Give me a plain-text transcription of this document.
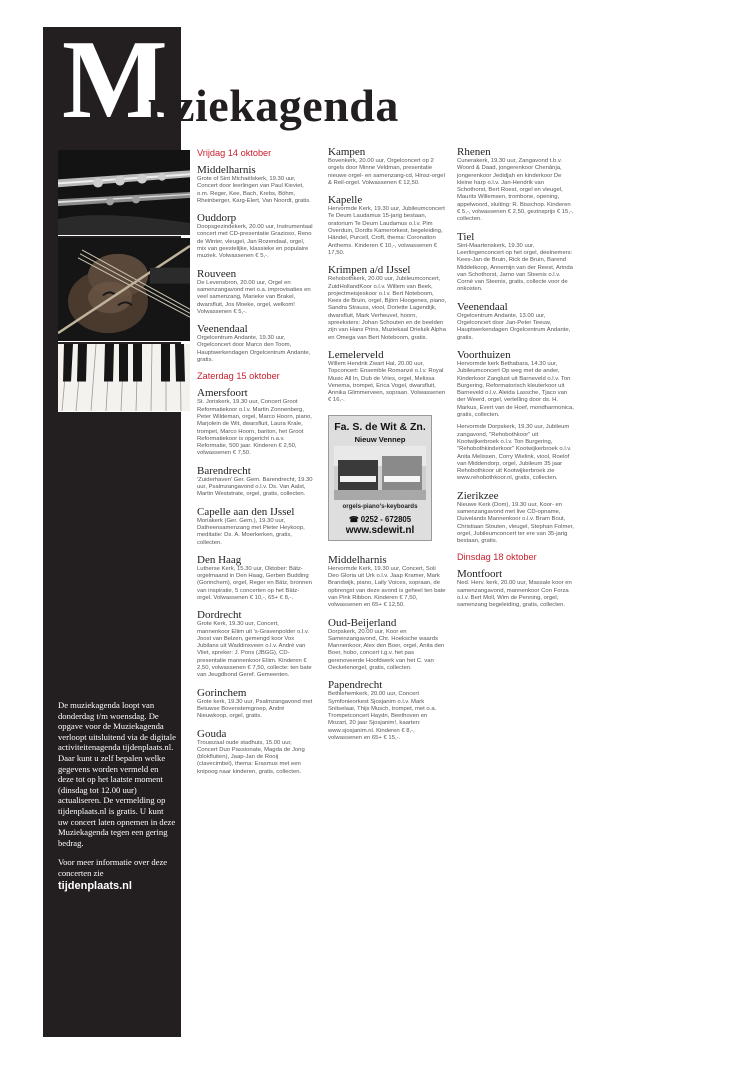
M
uziekagenda
De muziekagenda loopt van donderdag t/m woensdag. De opgave voor de Muziekagenda verloopt uitsluitend via de digitale activiteitenagenda tijdenplaats.nl. Daar kunt u zelf bepalen welke gegevens worden vermeld en deze tot op het laatste moment (dinsdag tot 12.00 uur) actualiseren. De vermelding op tijdenplaats.nl is gratis. U kunt uw concert laten opnemen in deze Muziekagenda tegen een gering bedrag.
Voor meer informatie over deze concerten zie
tijdenplaats.nl
Vrijdag 14 oktober
Middelharnis

Grote of Sint Michaëlskerk, 19.30 uur, Concert door leerlingen van Paul Kieviet, o.m. Reger, Kee, Bach, Krebs, Böhm, Rheinberger, Karg-Elert, Van Noordt, gratis.

Ouddorp

Doopsgezindekerk, 20.00 uur, Instrumentaal concert met CD-presentatie Grazioso, Reno de Winter, vleugel, Jan Rozendaal, orgel, mix van geestelijke, klassieke en populaire muziek. Volwassenen € 5,-.

Rouveen

De Levensbron, 20.00 uur, Orgel en samenzangavond met o.a. improvisaties en veel samenzang, Marieke van Brakel, dwarsfluit, Jos Moeke, orgel, welkom! Volwassenen € 5,-.

Veenendaal

Orgelcentrum Andante, 19.30 uur, Orgelconcert door Marco den Toom, Hauptwerkendagen Orgelcentrum Andante, gratis.

Zaterdag 15 oktober
Amersfoort

St. Joriskerk, 19.30 uur, Concert Groot Reformatiekoor o.l.v. Martin Zonnenberg, Peter Wildeman, orgel, Marco Hoorn, piano, Marjolein de Wit, dwarsfluit, Laura Krale, trompet, Marco Hoorn, bariton, het Groot Reformatiekoor is opgericht n.a.v. Reformatie, 500 jaar. Kinderen € 2,50, volwassenen € 7,50.

Barendrecht

'Zuiderhaven' Ger. Gem. Barendrecht, 19.30 uur, Psalmzangavond o.l.v. Ds. Van Aalst, Martin Weststrate, orgel, gratis, collecten.

Capelle aan den IJssel

Moriakerk (Ger. Gem.), 19.30 uur, Datheensamenzang met Pieter Heykoop, meditatie: Ds. A. Moerkerken, gratis, collecten.

Den Haag

Lutherse Kerk, 15.30 uur, Oktober: Bätz-orgelmaand in Den Haag, Gerben Budding (Gorinchem), orgel, Reger en Bätz, bronnen van inspiratie, 5 concerten op het Bätz-orgel. Volwassenen € 10,-, 65+ € 8,-.

Dordrecht

Grote Kerk, 19.30 uur, Concert, mannenkoor Eliim uit 's-Gravenpolder o.l.v. Joost van Belzen, gemengd koor Vox Jubilans uit Waddinxveen o.l.v. André van Vliet, spreker: J. Pons (JBGG), CD-presentatie mannenkoor Eliim. Kinderen € 2,50, volwassenen € 7,50, collecte: ten bate van Jeugdbond Geref. Gemeenten.

Gorinchem

Grote kerk, 19.30 uur, Psalmzangavond met Betuwse Bovenstemgroep, André Nieuwkoop, orgel, gratis.

Gouda

Trouwzaal oude stadhuis, 15.00 uur, Concert Duo Passionate, Magda de Jong (blokfluiten), Jaap-Jan de Rooij (clavecimbel), thema: Erasmus met een knipoog naar kinderen, gratis, collecten.

Kampen

Bovenkerk, 20.00 uur, Orgelconcert op 2 orgels door Minne Veldman, presentatie nieuwe orgel- en samenzang-cd, Hinsz-orgel & Reil-orgel. Volwassenen € 12,50.

Kapelle

Hervormde Kerk, 19.30 uur, Jubileumconcert Te Deum Laudamus 15-jarig bestaan, oratorium Te Deum Laudamus o.l.v. Pim Overduin, Dordts Kamerorkest, begeleiding, Händel, Purcell, Croft, thema: Coronation Anthems. Kinderen € 10,-, volwassenen € 17,50.

Krimpen a/d IJssel

Rehobothkerk, 20.00 uur, Jubileumconcert, ZuidHollandKoor o.l.v. Willem van Beek, projectmeisjeskoor o.l.v. Bert Noteboom, Kees de Bruin, orgel, Björn Hoogenes, piano, Sandra Strauss, viool, Doriette Lagendijk, dwarsfluit, Mark Verheuvel, hoorn, spreeksters: Johan Schouten en de beelden zijn van Hans Prins, Muziekaal Drieluik Alpha en Omega van Bert Noteboom, gratis.

Lemelerveld

Willem Hendrik Zwart Hal, 20.00 uur, Topconcert: Ensemble Romanzé o.l.v. Royal Music All In, Dub de Vries, orgel, Melissa Venema, trompet, Erica Vogel, dwarsfluit, Annika Glimmerveen, sopraan. Volwassenen € 16,-.

Fa. S. de Wit & Zn.
Nieuw Vennep
orgels-piano's-keyboards
☎ 0252 - 672805
www.sdewit.nl
Middelharnis

Hervormde Kerk, 19.30 uur, Concert, Soli Deo Gloria uit Urk o.l.v. Jaap Kramer, Mark Brandwijk, piano, Laily Voices, sopraan, de opbrengst van deze avond is geheel ten bate van Pink Ribbon. Kinderen € 7,50, volwassenen en 65+ € 12,50.

Oud-Beijerland

Dorpskerk, 20.00 uur, Koor en Samenzangavond, Chr. Hoeksche waards Mannenkoor, Alex den Boer, orgel, Anita den Boer, hobo, concert t.g.v. het pas gerenoveerde Hoofdwerk van het C. van Oeckelenorgel, gratis, collecten.

Papendrecht

Bethlehemkerk, 20.00 uur, Concert Symfonieorkest Sjosjanim o.l.v. Mark Snitselaar, Thijs Musch, trompet, met o.a. Trompetconcert Haydn, Beethoven en Mozart, 20 jaar Sjosjanim!, kaarten: www.sjosjanim.nl. Kinderen € 8,-, volwassenen en 65+ € 15,-.

Rhenen

Cunerakerk, 19.30 uur, Zangavond t.b.v. Woord & Daad, jongerenkoor Chenânja, jongerenkoor Jedidjah en kinderkoor De kleine harp o.l.v. Jan-Hendrik van Schothorst, Bert Roest, orgel en vleugel, Maurits Willemsen, trombone, opening, appelwoord, sluiting: R. Bisschop. Kinderen € 5,-, volwassenen € 2,50, gezinsprijs € 15,-, collecten.

Tiel

Sint-Maartenskerk, 19.30 uur, Leerlingenconcert op het orgel, deelnemers: Kees-Jan de Bruin, Rick de Bruin, Barend Middelkoop, Annemijn van der Reest, Arinda van Schothorst, Jarno van Steenis o.l.v. Cornè van Steenis, gratis, collecte voor de onkosten.

Veenendaal

Orgelcentrum Andante, 13.00 uur, Orgelconcert door Jan-Peter Teeuw, Hauptwerkendagen Orgelcentrum Andante, gratis.

Voorthuizen

Hervormde kerk Bethabara, 14.30 uur, Jubileumconcert Op weg met de ander, Kinderkoor Zanglust uit Barneveld o.l.v. Ton Burgering, Reformatorisch kleuterkoor uit Barneveld o.l.v. Aleida Lassche, Tjaco van der Weerd, orgel, vertelling door ds. H. Markus, Evert van de Hoef, mondharmonica, gratis, collecten.

Hervormde Dorpskerk, 19.30 uur, Jubileum zangavond, "Rehobothkoor" uit Kootwijkerbroek o.l.v. Ton Burgering, "Rehobothkinderkoor" Kootwijkerbroek o.l.v. Anita Melissen, Corry Wielink, viool, Roelof van Middendorp, orgel, Jubileum 35 jaar Rehobothkoor uit Kootwijkerbroek zie www.rehobothkoor.nl, gratis, collecten.

Zierikzee

Nieuwe Kerk (Dom), 19.30 uur, Koor- en samenzangavond met live CD-opname, Duivelands Mannenkoor o.l.v. Bram Bout, Christiaan Stouten, vleugel, Stephan Folmer, orgel, Jubileumconcert ter ere van 35-jarig bestaan, gratis.

Dinsdag 18 oktober
Montfoort

Ned. Herv. kerk, 20.00 uur, Massale koor en samenzangavond, mannenkoor Con Forza o.l.v. Bert Moll, Wim de Penning, orgel, samenzang begeleiding, gratis, collecten.
